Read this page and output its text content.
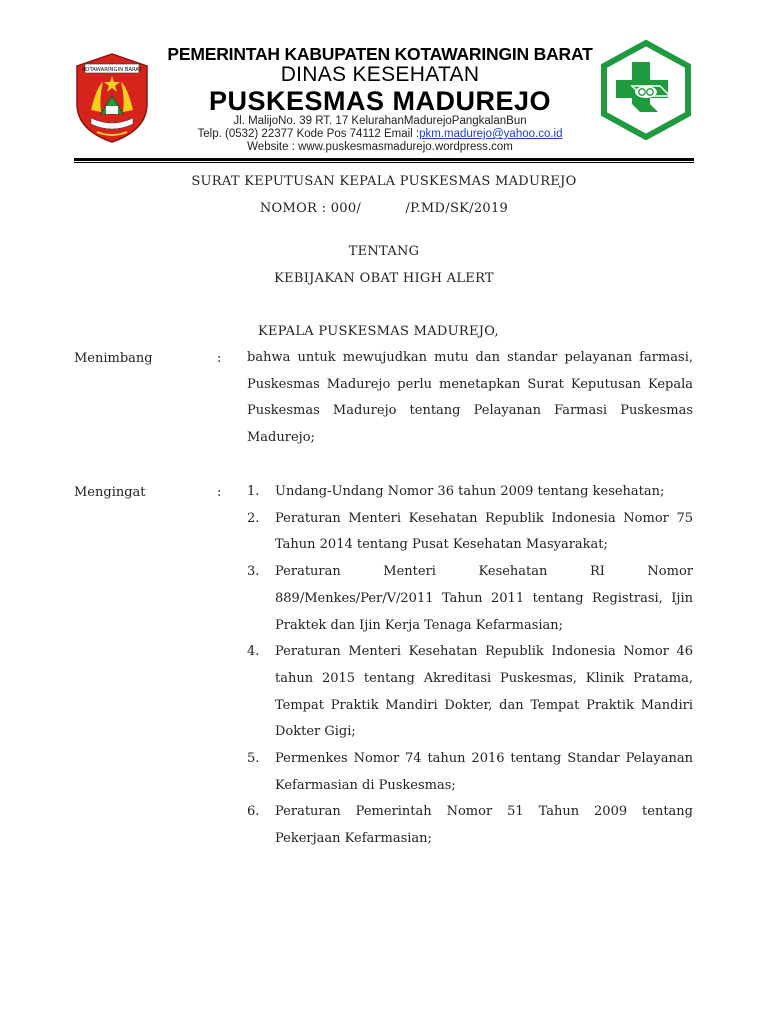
KOTAWARINGIN BARAT
PEMERINTAH KABUPATEN KOTAWARINGIN BARAT
DINAS KESEHATAN
PUSKESMAS MADUREJO
Jl. MalijoNo. 39 RT. 17 KelurahanMadurejoPangkalanBun
Telp. (0532) 22377 Kode Pos 74112 Email :pkm.madurejo@yahoo.co.id
Website : www.puskesmasmadurejo.wordpress.com
SURAT KEPUTUSAN KEPALA PUSKESMAS MADUREJO
NOMOR : 000/          /P.MD/SK/2019
TENTANG
KEBIJAKAN OBAT HIGH ALERT
KEPALA PUSKESMAS MADUREJO,
Menimbang	: bahwa untuk mewujudkan mutu dan standar pelayanan farmasi, Puskesmas Madurejo perlu menetapkan Surat Keputusan Kepala Puskesmas Madurejo tentang Pelayanan Farmasi Puskesmas Madurejo;
Mengingat	: 1. Undang-Undang Nomor 36 tahun 2009 tentang kesehatan;
2. Peraturan Menteri Kesehatan Republik Indonesia Nomor 75 Tahun 2014 tentang Pusat Kesehatan Masyarakat;
3. Peraturan Menteri Kesehatan RI Nomor 889/Menkes/Per/V/2011 Tahun 2011 tentang Registrasi, Ijin Praktek dan Ijin Kerja Tenaga Kefarmasian;
4. Peraturan Menteri Kesehatan Republik Indonesia Nomor 46 tahun 2015 tentang Akreditasi Puskesmas, Klinik Pratama, Tempat Praktik Mandiri Dokter, dan Tempat Praktik Mandiri Dokter Gigi;
5. Permenkes Nomor 74 tahun 2016 tentang Standar Pelayanan Kefarmasian di Puskesmas;
6. Peraturan Pemerintah Nomor 51 Tahun 2009 tentang Pekerjaan Kefarmasian;
